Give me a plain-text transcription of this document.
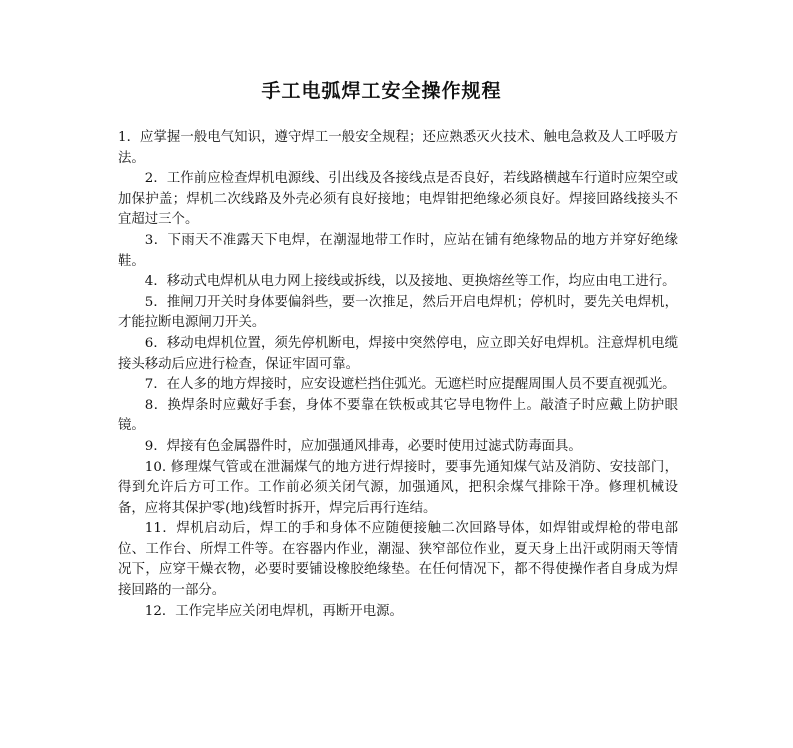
手工电弧焊工安全操作规程

1．应掌握一般电气知识，遵守焊工一般安全规程；还应熟悉灭火技术、触电急救及人工呼吸方法。

2．工作前应检查焊机电源线、引出线及各接线点是否良好，若线路横越车行道时应架空或加保护盖；焊机二次线路及外壳必须有良好接地；电焊钳把绝缘必须良好。焊接回路线接头不宜超过三个。

3．下雨天不准露天下电焊，在潮湿地带工作时，应站在铺有绝缘物品的地方并穿好绝缘鞋。

4．移动式电焊机从电力网上接线或拆线，以及接地、更换熔丝等工作，均应由电工进行。

5．推闸刀开关时身体要偏斜些，要一次推足，然后开启电焊机；停机时，要先关电焊机，才能拉断电源闸刀开关。

6．移动电焊机位置，须先停机断电，焊接中突然停电，应立即关好电焊机。注意焊机电缆接头移动后应进行检查，保证牢固可靠。

7．在人多的地方焊接时，应安设遮栏挡住弧光。无遮栏时应提醒周围人员不要直视弧光。

8．换焊条时应戴好手套，身体不要靠在铁板或其它导电物件上。敲渣子时应戴上防护眼镜。

9．焊接有色金属器件时，应加强通风排毒，必要时使用过滤式防毒面具。

10. 修理煤气管或在泄漏煤气的地方进行焊接时，要事先通知煤气站及消防、安技部门，得到允许后方可工作。工作前必须关闭气源，加强通风，把积余煤气排除干净。修理机械设备，应将其保护零(地)线暂时拆开，焊完后再行连结。

11．焊机启动后，焊工的手和身体不应随便接触二次回路导体，如焊钳或焊枪的带电部位、工作台、所焊工件等。在容器内作业，潮湿、狭窄部位作业，夏天身上出汗或阴雨天等情况下，应穿干燥衣物，必要时要铺设橡胶绝缘垫。在任何情况下，都不得使操作者自身成为焊接回路的一部分。

12．工作完毕应关闭电焊机，再断开电源。
